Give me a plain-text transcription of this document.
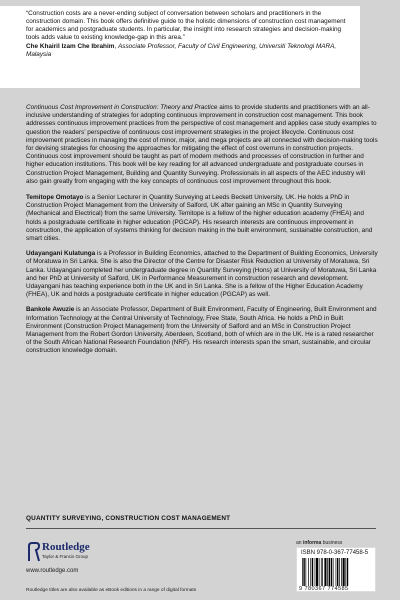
“Construction costs are a never-ending subject of conversation between scholars and practitioners in the construction domain. This book offers definitive guide to the holistic dimensions of construction cost management for academics and postgraduate students. In particular, the insight into research strategies and decision-making tools adds value to existing knowledge-gap in this area.”
Che Khairil Izam Che Ibrahim, Associate Professor, Faculty of Civil Engineering, Universiti Teknologi MARA, Malaysia

Continuous Cost Improvement in Construction: Theory and Practice aims to provide students and practitioners with an all-inclusive understanding of strategies for adopting continuous improvement in construction cost management. This book addresses continuous improvement practices from the perspective of cost management and applies case study examples to question the readers’ perspective of continuous cost improvement strategies in the project lifecycle. Continuous cost improvement practices in managing the cost of minor, major, and mega projects are all connected with decision-making tools for devising strategies for choosing the approaches for mitigating the effect of cost overruns in construction projects. Continuous cost improvement should be taught as part of modern methods and processes of construction in further and higher education institutions. This book will be key reading for all advanced undergraduate and postgraduate courses in Construction Project Management, Building and Quantity Surveying. Professionals in all aspects of the AEC industry will also gain greatly from engaging with the key concepts of continuous cost improvement throughout this book.

Temitope Omotayo is a Senior Lecturer in Quantity Surveying at Leeds Beckett University, UK. He holds a PhD in Construction Project Management from the University of Salford, UK after gaining an MSc in Quantity Surveying (Mechanical and Electrical) from the same University. Temitope is a fellow of the higher education academy (FHEA) and holds a postgraduate certificate in higher education (PGCAP). His research interests are continuous improvement in construction, the application of systems thinking for decision making in the built environment, sustainable construction, and smart cities.

Udayangani Kulatunga is a Professor in Building Economics, attached to the Department of Building Economics, University of Moratuwa in Sri Lanka. She is also the Director of the Centre for Disaster Risk Reduction at University of Moratuwa, Sri Lanka. Udayangani completed her undergraduate degree in Quantity Surveying (Hons) at University of Moratuwa, Sri Lanka and her PhD at University of Salford, UK in Performance Measurement in construction research and development. Udayangani has teaching experience both in the UK and in Sri Lanka. She is a fellow of the Higher Education Academy (FHEA), UK and holds a postgraduate certificate in higher education (PGCAP) as well.

Bankole Awuzie is an Associate Professor, Department of Built Environment, Faculty of Engineering, Built Environment and Information Technology at the Central University of Technology, Free State, South Africa. He holds a PhD in Built Environment (Construction Project Management) from the University of Salford and an MSc in Construction Project Management from the Robert Gordon University, Aberdeen, Scotland, both of which are in the UK. He is a rated researcher of the South African National Research Foundation (NRF). His research interests span the smart, sustainable, and circular construction knowledge domain.

QUANTITY SURVEYING, CONSTRUCTION COST MANAGEMENT
Routledge
Taylor & Francis Group
www.routledge.com
Routledge titles are also available as eBook editions in a range of digital formats
an informa business
ISBN 978-0-367-77458-5
9 780367 774585
